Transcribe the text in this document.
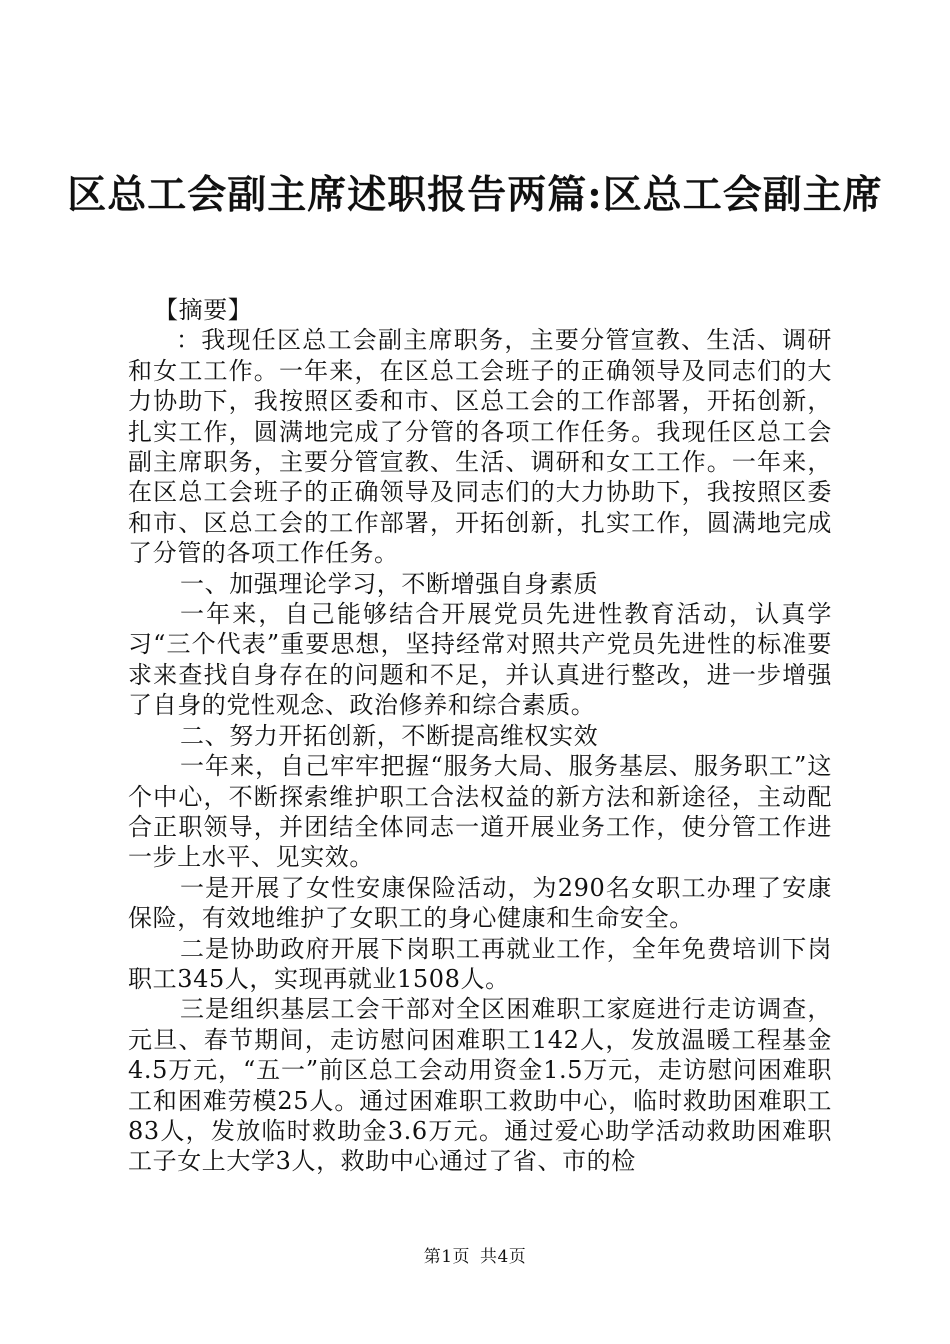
区总工会副主席述职报告两篇:区总工会副主席

【摘要】

：我现任区总工会副主席职务，主要分管宣教、生活、调研和女工工作。一年来，在区总工会班子的正确领导及同志们的大力协助下，我按照区委和市、区总工会的工作部署，开拓创新，扎实工作，圆满地完成了分管的各项工作任务。我现任区总工会副主席职务，主要分管宣教、生活、调研和女工工作。一年来，在区总工会班子的正确领导及同志们的大力协助下，我按照区委和市、区总工会的工作部署，开拓创新，扎实工作，圆满地完成了分管的各项工作任务。

一、加强理论学习，不断增强自身素质

一年来，自己能够结合开展党员先进性教育活动，认真学习“三个代表”重要思想，坚持经常对照共产党员先进性的标准要求来查找自身存在的问题和不足，并认真进行整改，进一步增强了自身的党性观念、政治修养和综合素质。

二、努力开拓创新，不断提高维权实效

一年来，自己牢牢把握“服务大局、服务基层、服务职工”这个中心，不断探索维护职工合法权益的新方法和新途径，主动配合正职领导，并团结全体同志一道开展业务工作，使分管工作进一步上水平、见实效。

一是开展了女性安康保险活动，为290名女职工办理了安康保险，有效地维护了女职工的身心健康和生命安全。

二是协助政府开展下岗职工再就业工作，全年免费培训下岗职工345人，实现再就业1508人。

三是组织基层工会干部对全区困难职工家庭进行走访调查，元旦、春节期间，走访慰问困难职工142人，发放温暖工程基金4.5万元，“五一”前区总工会动用资金1.5万元，走访慰问困难职工和困难劳模25人。通过困难职工救助中心，临时救助困难职工83人，发放临时救助金3.6万元。通过爱心助学活动救助困难职工子女上大学3人，救助中心通过了省、市的检

第1页 共4页
